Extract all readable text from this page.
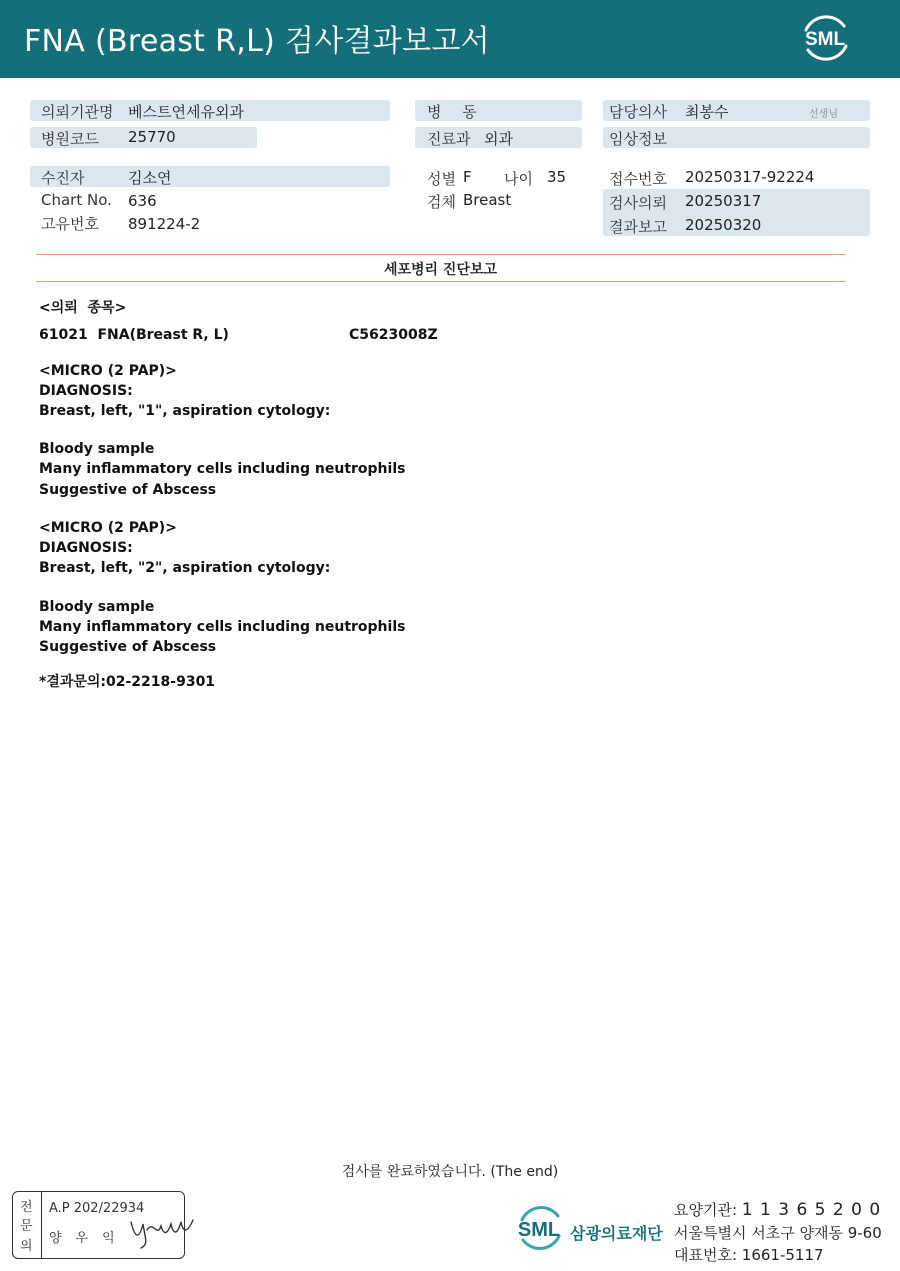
FNA (Breast R,L) 검사결과보고서	SML
의뢰기관명 베스트연세유외과
병원코드 25770
병 동
진료과 외과
담당의사 최봉수	선생님
임상정보
수진자	김소연
Chart No. 636
고유번호 891224-2
성별 F 나이 35
검체 Breast
접수번호 20250317-92224
검사의뢰 20250317
결과보고 20250320
세포병리 진단보고
<의뢰  종목>
61021  FNA(Breast R, L)	C5623008Z
<MICRO (2 PAP)>
DIAGNOSIS:
Breast, left, "1", aspiration cytology:
Bloody sample
Many inflammatory cells including neutrophils
Suggestive of Abscess
<MICRO (2 PAP)>
DIAGNOSIS:
Breast, left, "2", aspiration cytology:
Bloody sample
Many inflammatory cells including neutrophils
Suggestive of Abscess
*결과문의:02-2218-9301
검사를 완료하였습니다. (The end)
전
문
의
A.P 202/22934
양우익	SML 삼광의료재단
요양기관: 1 1 3 6 5 2 0 0
서울특별시 서초구 양재동 9-60
대표번호: 1661-5117
